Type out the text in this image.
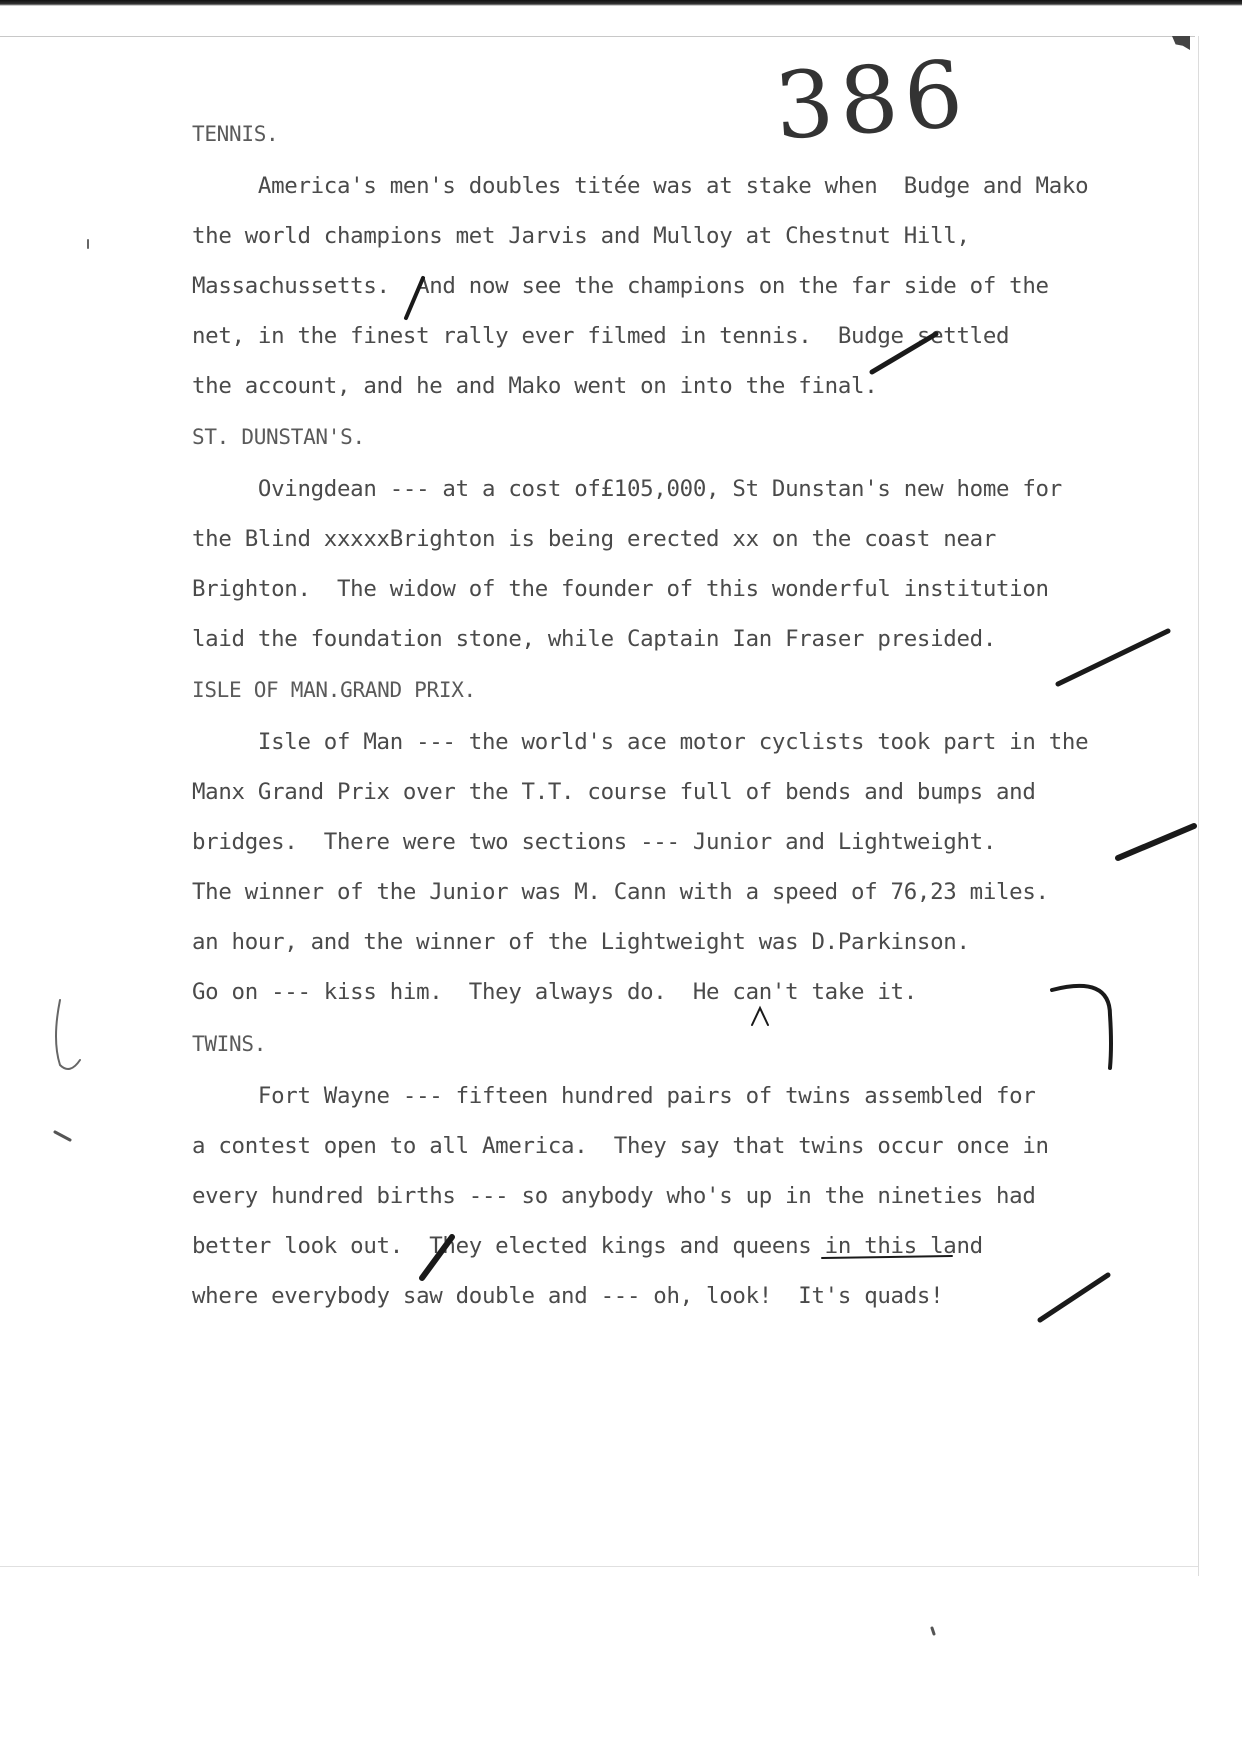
386
TENNIS.
America's men's doubles titée was at stake when  Budge and Mako
the world champions met Jarvis and Mulloy at Chestnut Hill,
Massachussetts.  And now see the champions on the far side of the
net, in the finest rally ever filmed in tennis.  Budge settled
the account, and he and Mako went on into the final.
ST. DUNSTAN'S.
Ovingdean --- at a cost of£105,000, St Dunstan's new home for
the Blind xxxxxBrighton is being erected xx on the coast near
Brighton.  The widow of the founder of this wonderful institution
laid the foundation stone, while Captain Ian Fraser presided.
ISLE OF MAN.GRAND PRIX.
Isle of Man --- the world's ace motor cyclists took part in the
Manx Grand Prix over the T.T. course full of bends and bumps and
bridges.  There were two sections --- Junior and Lightweight.
The winner of the Junior was M. Cann with a speed of 76,23 miles.
an hour, and the winner of the Lightweight was D.Parkinson.
Go on --- kiss him.  They always do.  He can't take it.
TWINS.
Fort Wayne --- fifteen hundred pairs of twins assembled for
a contest open to all America.  They say that twins occur once in
every hundred births --- so anybody who's up in the nineties had
better look out.  They elected kings and queens in this land
where everybody saw double and --- oh, look!  It's quads!
